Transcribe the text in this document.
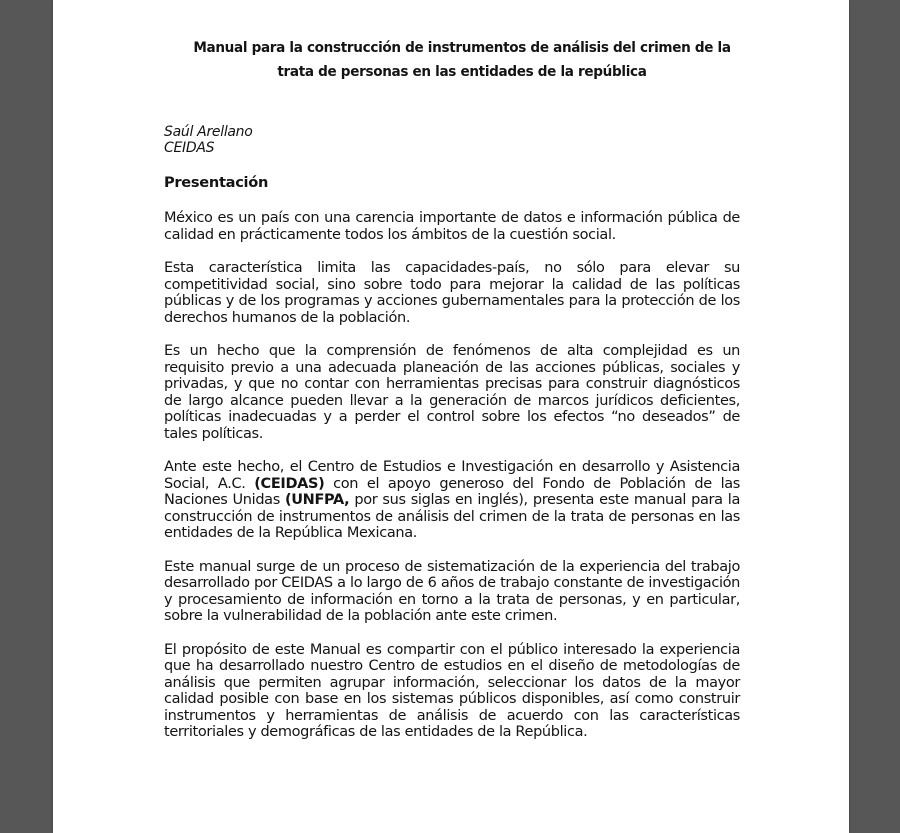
Manual para la construcción de instrumentos de análisis del crimen de la trata de personas en las entidades de la república
Saúl Arellano
CEIDAS
Presentación

México es un país con una carencia importante de datos e información pública de calidad en prácticamente todos los ámbitos de la cuestión social.

Esta característica limita las capacidades-país, no sólo para elevar su competitividad social, sino sobre todo para mejorar la calidad de las políticas públicas y de los programas y acciones gubernamentales para la protección de los derechos humanos de la población.

Es un hecho que la comprensión de fenómenos de alta complejidad es un requisito previo a una adecuada planeación de las acciones públicas, sociales y privadas, y que no contar con herramientas precisas para construir diagnósticos de largo alcance pueden llevar a la generación de marcos jurídicos deficientes, políticas inadecuadas y a perder el control sobre los efectos “no deseados” de tales políticas.

Ante este hecho, el Centro de Estudios e Investigación en desarrollo y Asistencia Social, A.C. (CEIDAS) con el apoyo generoso del Fondo de Población de las Naciones Unidas (UNFPA, por sus siglas en inglés), presenta este manual para la construcción de instrumentos de análisis del crimen de la trata de personas en las entidades de la República Mexicana.

Este manual surge de un proceso de sistematización de la experiencia del trabajo desarrollado por CEIDAS a lo largo de 6 años de trabajo constante de investigación y procesamiento de información en torno a la trata de personas, y en particular, sobre la vulnerabilidad de la población ante este crimen.

El propósito de este Manual es compartir con el público interesado la experiencia que ha desarrollado nuestro Centro de estudios en el diseño de metodologías de análisis que permiten agrupar información, seleccionar los datos de la mayor calidad posible con base en los sistemas públicos disponibles, así como construir instrumentos y herramientas de análisis de acuerdo con las características territoriales y demográficas de las entidades de la República.
